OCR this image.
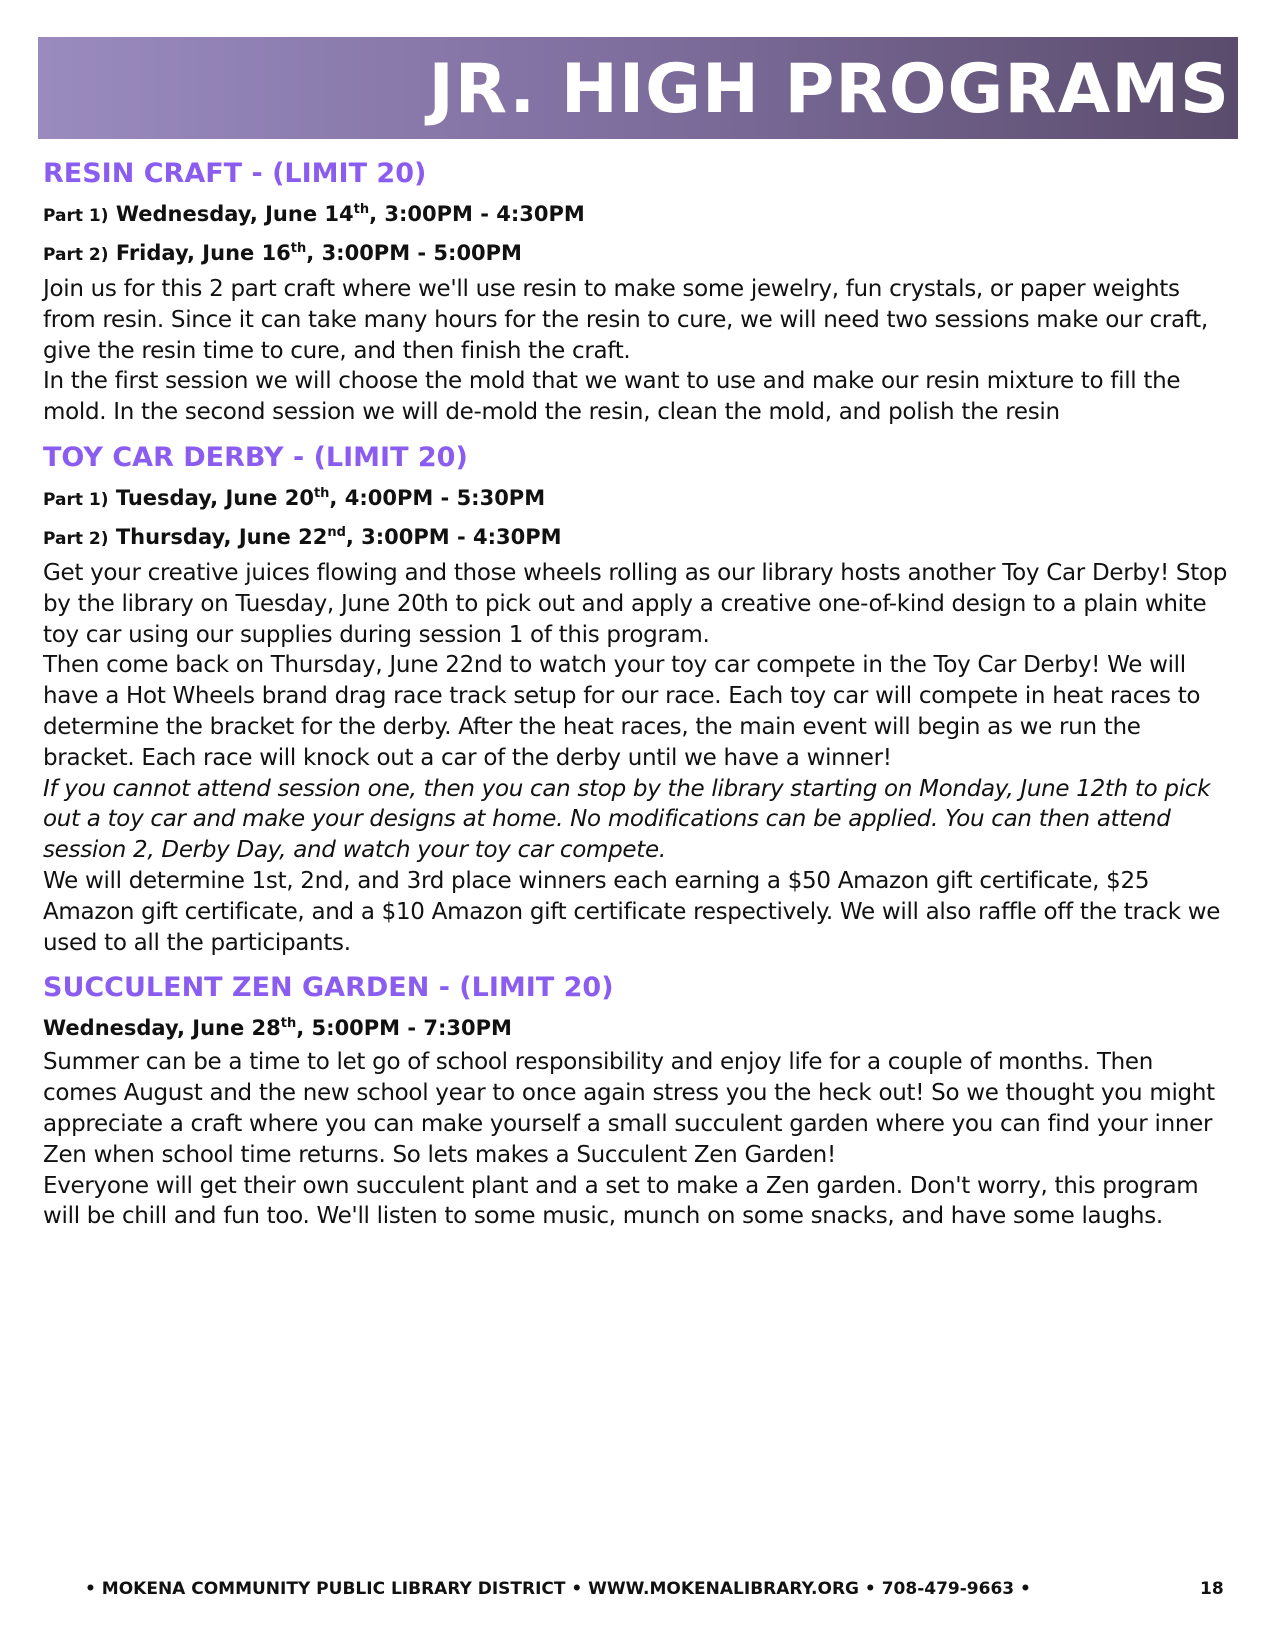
JR. HIGH PROGRAMS
RESIN CRAFT - (LIMIT 20)
Part 1) Wednesday, June 14th, 3:00PM - 4:30PM
Part 2) Friday, June 16th, 3:00PM - 5:00PM

Join us for this 2 part craft where we'll use resin to make some jewelry, fun crystals, or paper weights from resin. Since it can take many hours for the resin to cure, we will need two sessions make our craft, give the resin time to cure, and then finish the craft.

In the first session we will choose the mold that we want to use and make our resin mixture to fill the mold. In the second session we will de-mold the resin, clean the mold, and polish the resin

TOY CAR DERBY - (LIMIT 20)
Part 1) Tuesday, June 20th, 4:00PM - 5:30PM
Part 2) Thursday, June 22nd, 3:00PM - 4:30PM

Get your creative juices flowing and those wheels rolling as our library hosts another Toy Car Derby! Stop by the library on Tuesday, June 20th to pick out and apply a creative one-of-kind design to a plain white toy car using our supplies during session 1 of this program.

Then come back on Thursday, June 22nd to watch your toy car compete in the Toy Car Derby! We will have a Hot Wheels brand drag race track setup for our race. Each toy car will compete in heat races to determine the bracket for the derby. After the heat races, the main event will begin as we run the bracket. Each race will knock out a car of the derby until we have a winner!

If you cannot attend session one, then you can stop by the library starting on Monday, June 12th to pick out a toy car and make your designs at home. No modifications can be applied. You can then attend session 2, Derby Day, and watch your toy car compete.

We will determine 1st, 2nd, and 3rd place winners each earning a $50 Amazon gift certificate, $25 Amazon gift certificate, and a $10 Amazon gift certificate respectively. We will also raffle off the track we used to all the participants.

SUCCULENT ZEN GARDEN - (LIMIT 20)
Wednesday, June 28th, 5:00PM - 7:30PM

Summer can be a time to let go of school responsibility and enjoy life for a couple of months. Then comes August and the new school year to once again stress you the heck out! So we thought you might appreciate a craft where you can make yourself a small succulent garden where you can find your inner Zen when school time returns. So lets makes a Succulent Zen Garden!

Everyone will get their own succulent plant and a set to make a Zen garden. Don't worry, this program will be chill and fun too. We'll listen to some music, munch on some snacks, and have some laughs.

• MOKENA COMMUNITY PUBLIC LIBRARY DISTRICT • WWW.MOKENALIBRARY.ORG • 708-479-9663 •	18
